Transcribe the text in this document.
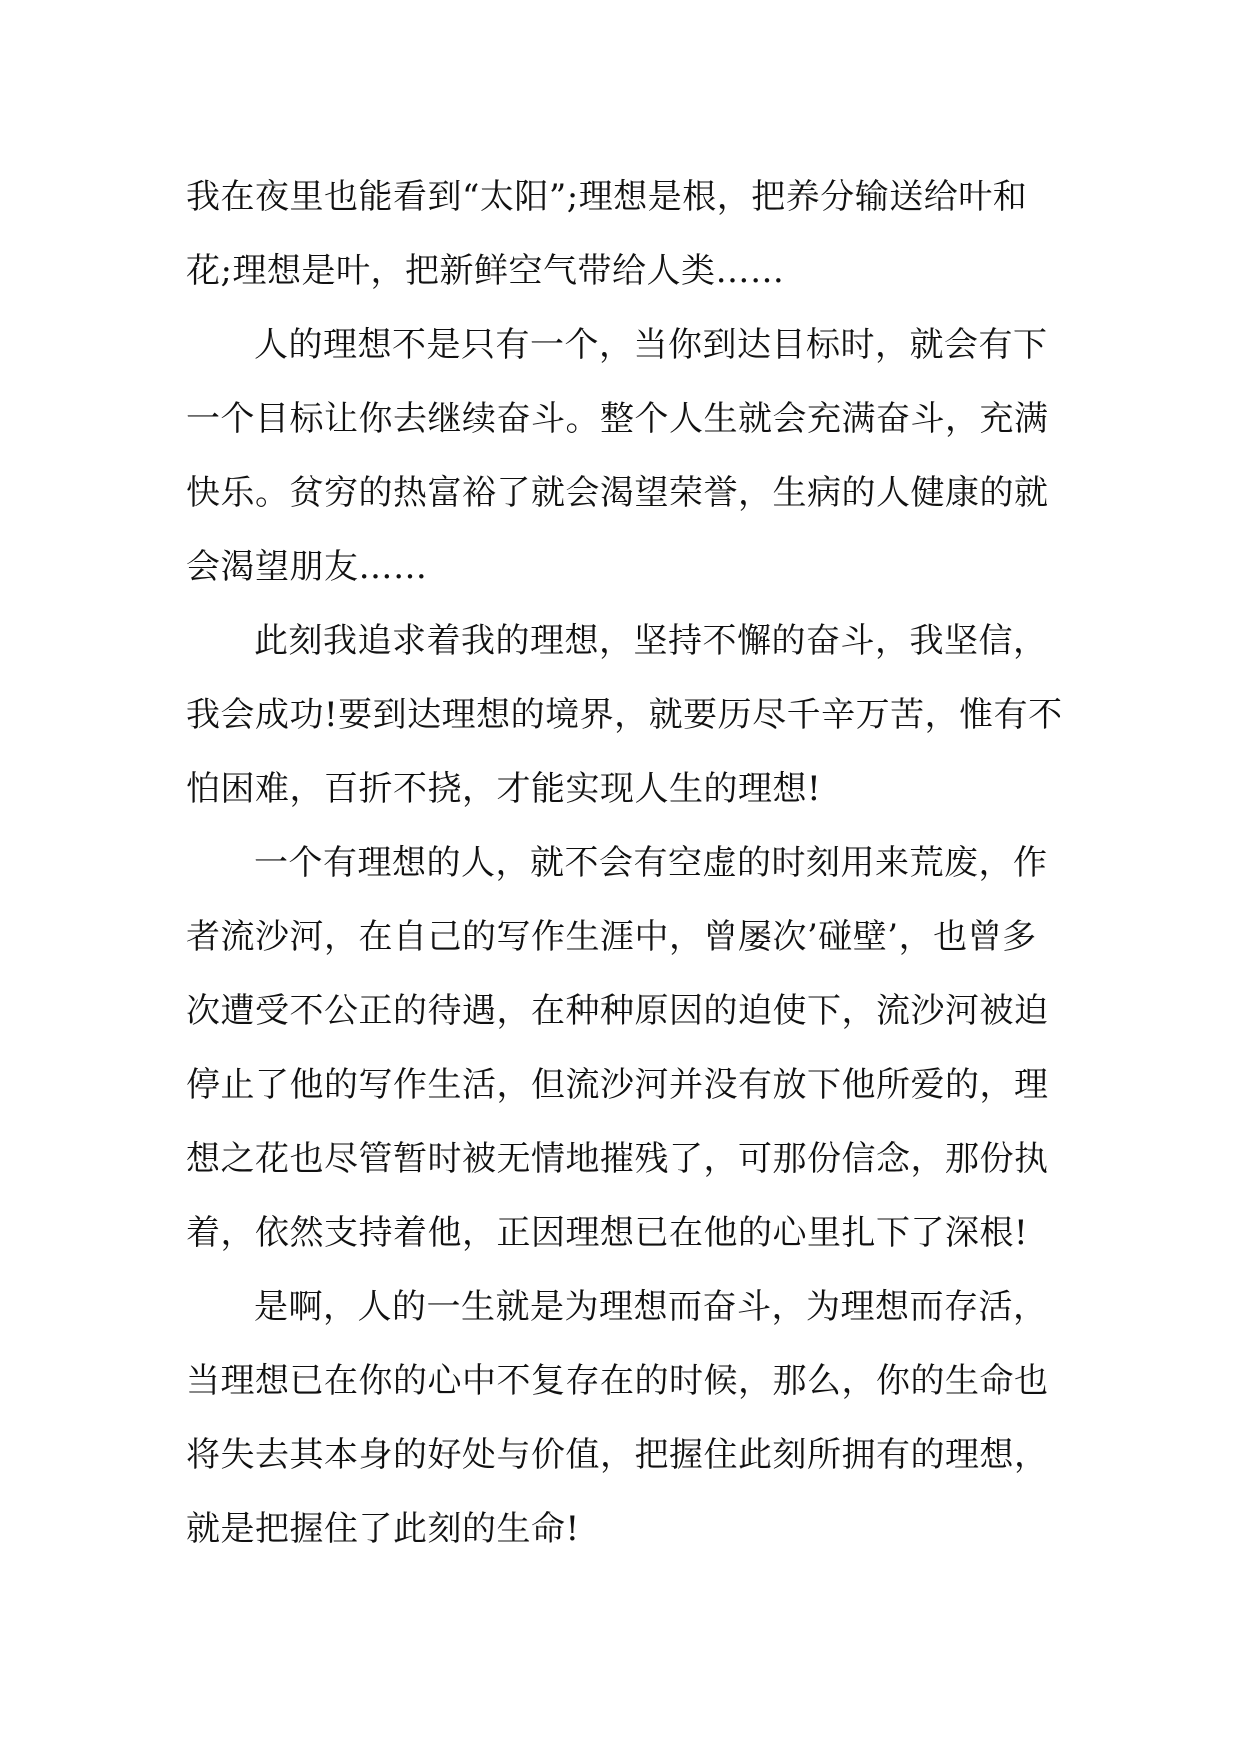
我在夜里也能看到“太阳”;理想是根，把养分输送给叶和
花;理想是叶，把新鲜空气带给人类……
人的理想不是只有一个，当你到达目标时，就会有下
一个目标让你去继续奋斗。整个人生就会充满奋斗，充满
快乐。贫穷的热富裕了就会渴望荣誉，生病的人健康的就
会渴望朋友……
此刻我追求着我的理想，坚持不懈的奋斗，我坚信，
我会成功!要到达理想的境界，就要历尽千辛万苦，惟有不
怕困难，百折不挠，才能实现人生的理想!
一个有理想的人，就不会有空虚的时刻用来荒废，作
者流沙河，在自己的写作生涯中，曾屡次’碰壁’，也曾多
次遭受不公正的待遇，在种种原因的迫使下，流沙河被迫
停止了他的写作生活，但流沙河并没有放下他所爱的，理
想之花也尽管暂时被无情地摧残了，可那份信念，那份执
着，依然支持着他，正因理想已在他的心里扎下了深根!
是啊，人的一生就是为理想而奋斗，为理想而存活，
当理想已在你的心中不复存在的时候，那么，你的生命也
将失去其本身的好处与价值，把握住此刻所拥有的理想，
就是把握住了此刻的生命!
